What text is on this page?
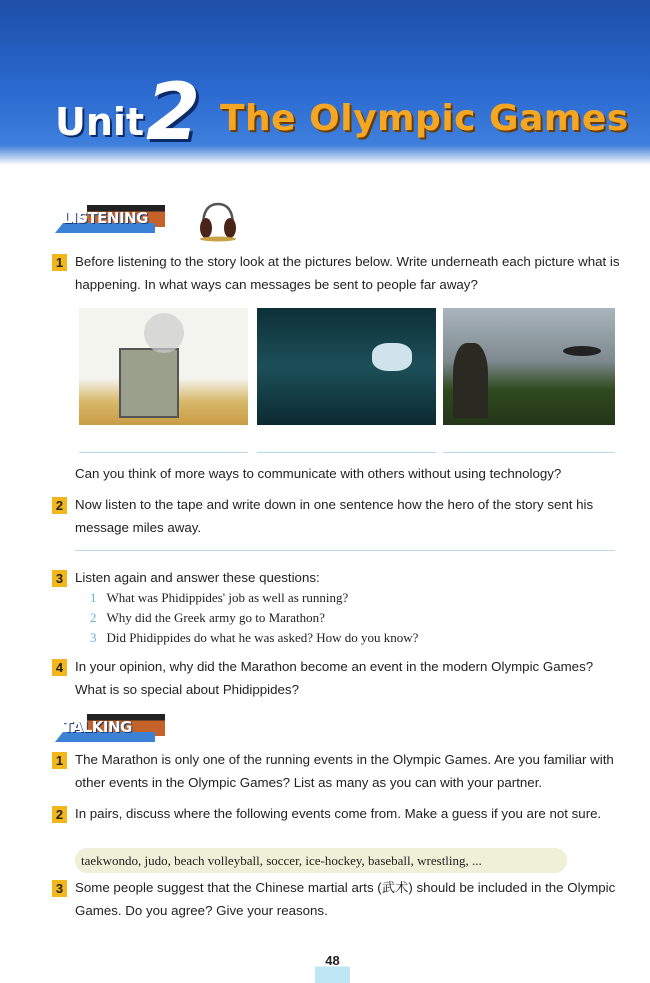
Unit 2 The Olympic Games
LISTENING
1 Before listening to the story look at the pictures below. Write underneath each picture what is happening. In what ways can messages be sent to people far away?
Can you think of more ways to communicate with others without using technology?
2 Now listen to the tape and write down in one sentence how the hero of the story sent his message miles away.
3 Listen again and answer these questions:
1 What was Phidippides' job as well as running?
2 Why did the Greek army go to Marathon?
3 Did Phidippides do what he was asked? How do you know?
4 In your opinion, why did the Marathon become an event in the modern Olympic Games? What is so special about Phidippides?
TALKING
1 The Marathon is only one of the running events in the Olympic Games. Are you familiar with other events in the Olympic Games? List as many as you can with your partner.
2 In pairs, discuss where the following events come from. Make a guess if you are not sure.
taekwondo, judo, beach volleyball, soccer, ice-hockey, baseball, wrestling, ...
3 Some people suggest that the Chinese martial arts (武术) should be included in the Olympic Games. Do you agree? Give your reasons.
48
